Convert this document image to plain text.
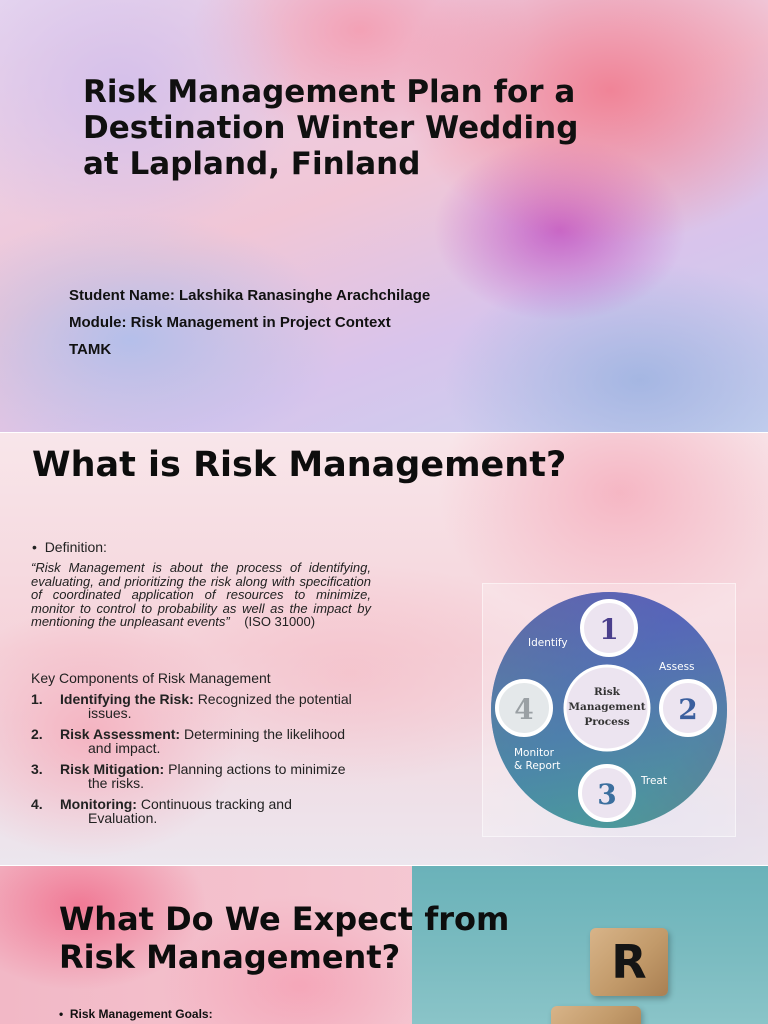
Risk Management Plan for a Destination Winter Wedding at Lapland, Finland
Student Name: Lakshika Ranasinghe Arachchilage
Module: Risk Management in Project Context
TAMK
What is Risk Management?
•  Definition:
“Risk Management is about the process of identifying, evaluating, and prioritizing the risk along with specification of coordinated application of resources to minimize, monitor to control to probability as well as the impact by mentioning the unpleasant events” (ISO 31000)
Key Components of Risk Management
1. Identifying the Risk: Recognized the potential
issues.
2. Risk Assessment: Determining the likelihood
and impact.
3. Risk Mitigation: Planning actions to minimize
the risks.
4. Monitoring: Continuous tracking and
Evaluation.
Risk
Management
Process
1
2
3
4
Identify
Assess
Treat
Monitor
& Report
What Do We Expect from Risk Management?
•  Risk Management Goals:
R
